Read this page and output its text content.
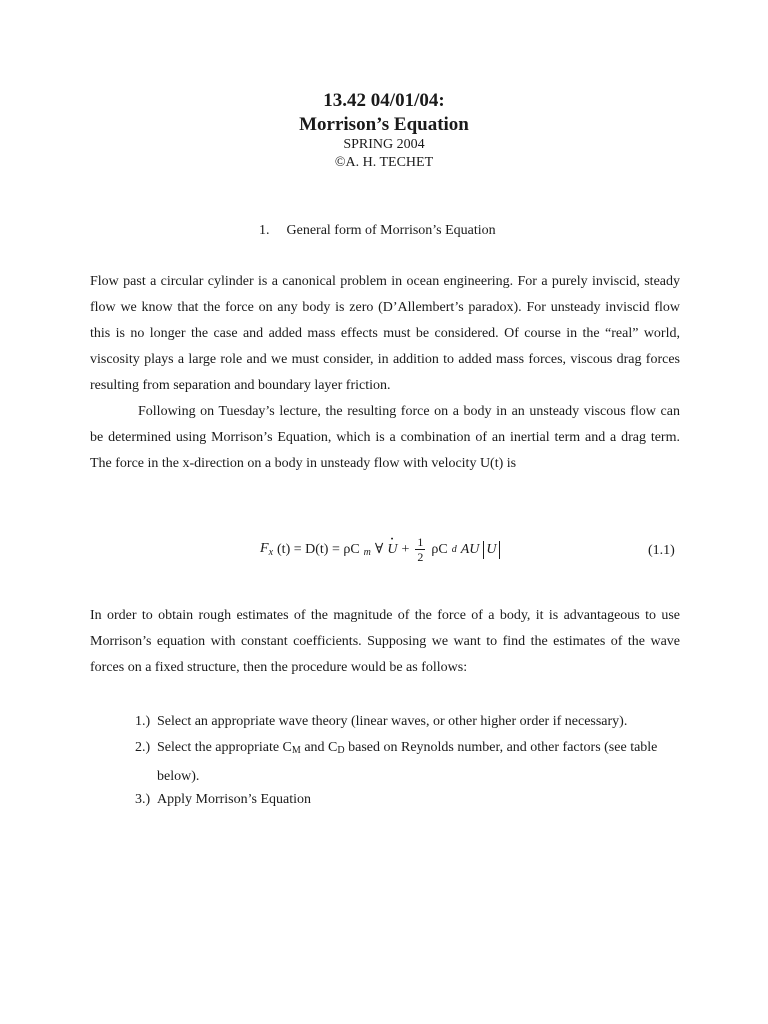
13.42 04/01/04:
Morrison’s Equation
SPRING 2004
©A. H. TECHET
1. General form of Morrison’s Equation
Flow past a circular cylinder is a canonical problem in ocean engineering. For a purely inviscid, steady flow we know that the force on any body is zero (D’Allembert’s paradox). For unsteady inviscid flow this is no longer the case and added mass effects must be considered. Of course in the “real” world, viscosity plays a large role and we must consider, in addition to added mass forces, viscous drag forces resulting from separation and boundary layer friction.
Following on Tuesday’s lecture, the resulting force on a body in an unsteady viscous flow can be determined using Morrison’s Equation, which is a combination of an inertial term and a drag term. The force in the x-direction on a body in unsteady flow with velocity U(t) is
$F_x$ (t) = D(t) = ρC $_m$ ∀
· $U + \frac{1}{2}$ ρC d AU U	(1.1)
In order to obtain rough estimates of the magnitude of the force of a body, it is advantageous to use Morrison’s equation with constant coefficients. Supposing we want to find the estimates of the wave forces on a fixed structure, then the procedure would be as follows:
1.) Select an appropriate wave theory (linear waves, or other higher order if necessary).
2.) Select the appropriate CM and CD based on Reynolds number, and other factors (see table below).
3.) Apply Morrison’s Equation
